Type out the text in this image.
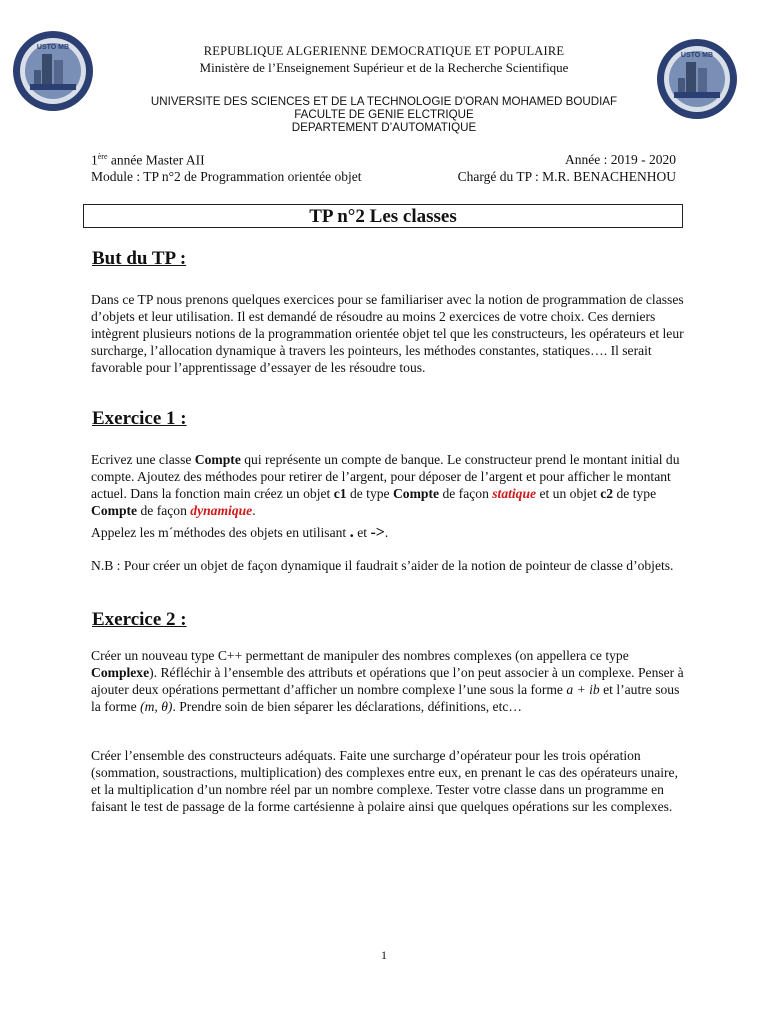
USTO MB
USTO MB
REPUBLIQUE ALGERIENNE DEMOCRATIQUE ET POPULAIRE
Ministère de l’Enseignement Supérieur et de la Recherche Scientifique
UNIVERSITE DES SCIENCES ET DE LA TECHNOLOGIE D'ORAN MOHAMED BOUDIAF
FACULTE DE GENIE ELCTRIQUE
DEPARTEMENT D’AUTOMATIQUE
1ère année Master AII	Année : 2019 - 2020
Module : TP n°2 de Programmation orientée objet	Chargé du TP : M.R. BENACHENHOU
TP n°2 Les classes
But du TP :
Dans ce TP nous prenons quelques exercices pour se familiariser avec la notion de programmation de classes d’objets et leur utilisation. Il est demandé de résoudre au moins 2 exercices de votre choix. Ces derniers intègrent plusieurs notions de la programmation orientée objet tel que les constructeurs, les opérateurs et leur surcharge, l’allocation dynamique à travers les pointeurs, les méthodes constantes, statiques…. Il serait favorable pour l’apprentissage d’essayer de les résoudre tous.
Exercice 1 :
Ecrivez une classe Compte qui représente un compte de banque. Le constructeur prend le montant initial du compte. Ajoutez des méthodes pour retirer de l’argent, pour déposer de l’argent et pour afficher le montant actuel. Dans la fonction main créez un objet c1 de type Compte de façon statique et un objet c2 de type Compte de façon dynamique.
Appelez les m´méthodes des objets en utilisant . et ->.
N.B : Pour créer un objet de façon dynamique il faudrait s’aider de la notion de pointeur de classe d’objets.
Exercice 2 :
Créer un nouveau type C++ permettant de manipuler des nombres complexes (on appellera ce type Complexe). Réfléchir à l’ensemble des attributs et opérations que l’on peut associer à un complexe. Penser à ajouter deux opérations permettant d’afficher un nombre complexe l’une sous la forme a + ib et l’autre sous la forme (m, θ). Prendre soin de bien séparer les déclarations, définitions, etc…
Créer l’ensemble des constructeurs adéquats. Faite une surcharge d’opérateur pour les trois opération (sommation, soustractions, multiplication) des complexes entre eux, en prenant le cas des opérateurs unaire, et la multiplication d’un nombre réel par un nombre complexe. Tester votre classe dans un programme en faisant le test de passage de la forme cartésienne à polaire ainsi que quelques opérations sur les complexes.
1
